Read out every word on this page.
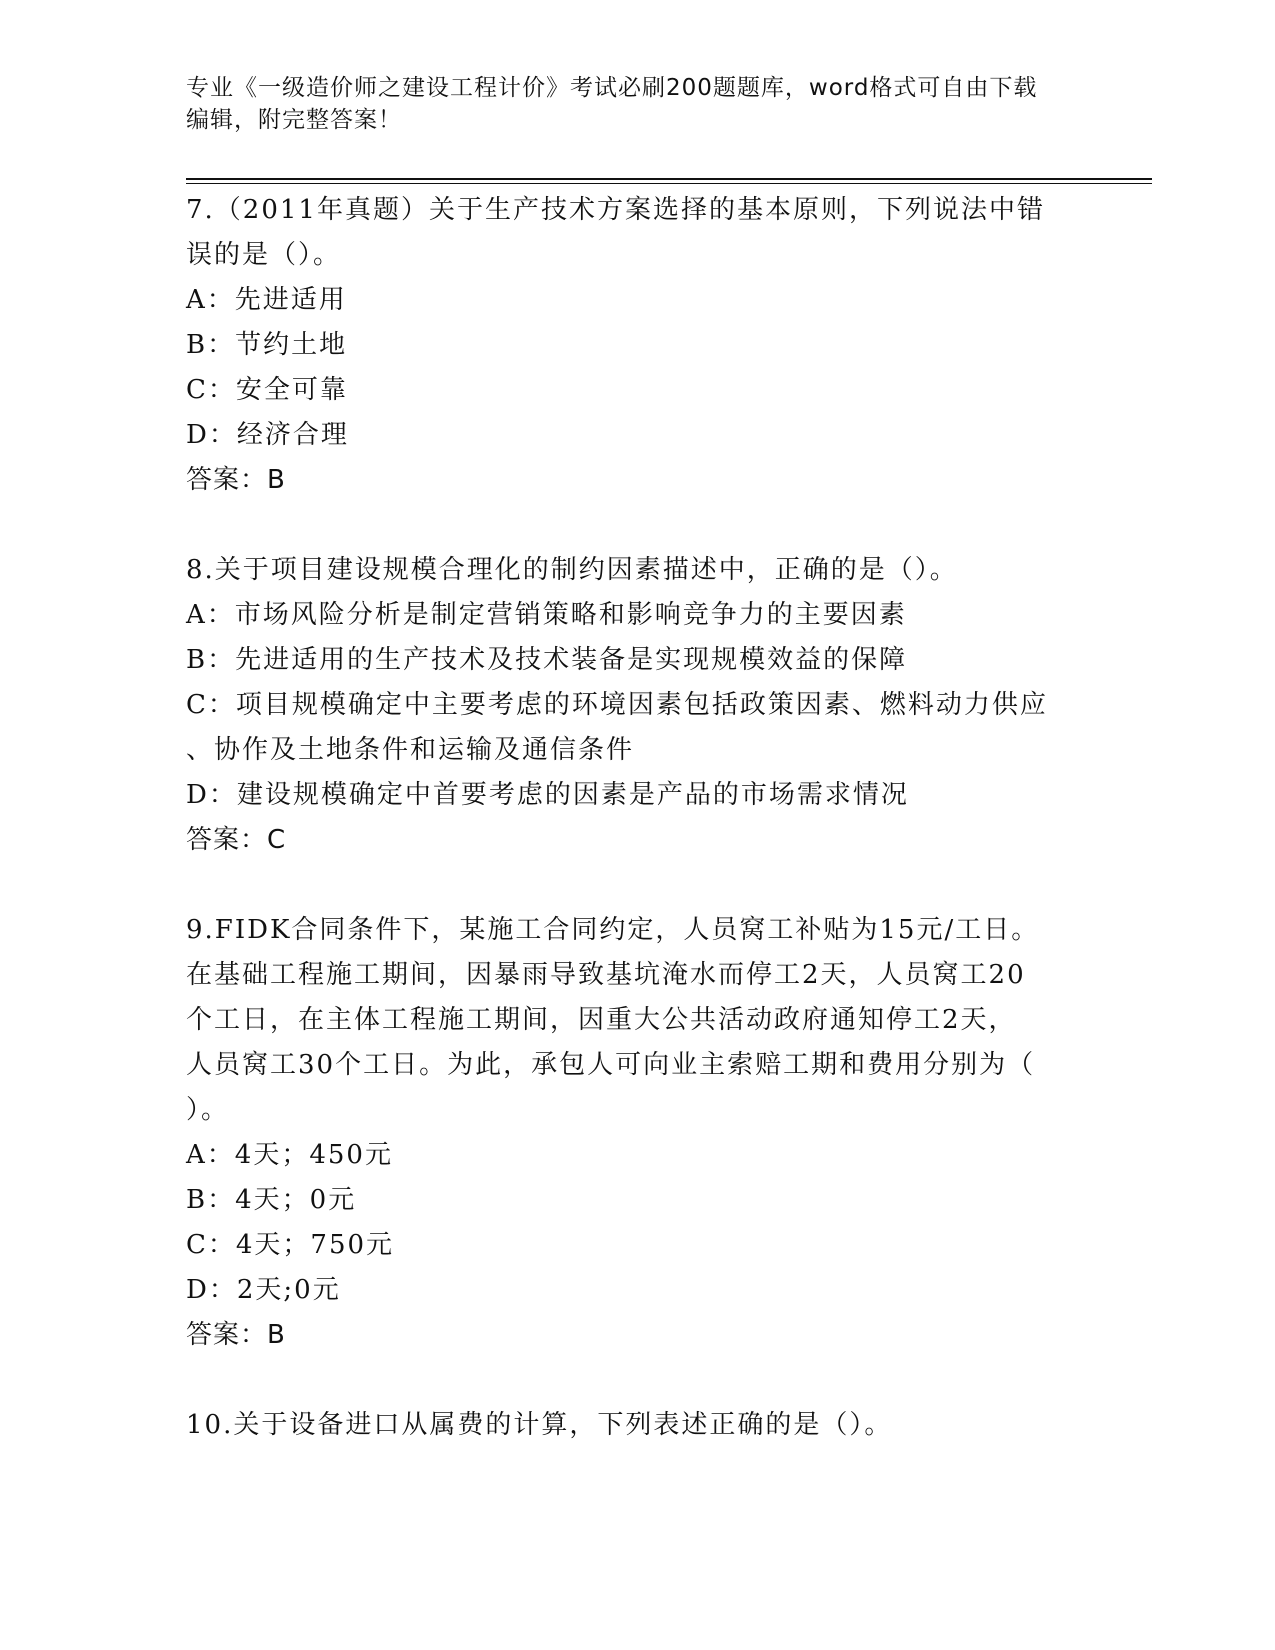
专业《一级造价师之建设工程计价》考试必刷200题题库，word格式可自由下载
编辑，附完整答案！
7.（2011年真题）关于生产技术方案选择的基本原则，下列说法中错
误的是（）。
A：先进适用
B：节约土地
C：安全可靠
D：经济合理
答案：B
8.关于项目建设规模合理化的制约因素描述中，正确的是（）。
A：市场风险分析是制定营销策略和影响竞争力的主要因素
B：先进适用的生产技术及技术装备是实现规模效益的保障
C：项目规模确定中主要考虑的环境因素包括政策因素、燃料动力供应
、协作及土地条件和运输及通信条件
D：建设规模确定中首要考虑的因素是产品的市场需求情况
答案：C
9.FIDK合同条件下，某施工合同约定，人员窝工补贴为15元/工日。
在基础工程施工期间，因暴雨导致基坑淹水而停工2天，人员窝工20
个工日，在主体工程施工期间，因重大公共活动政府通知停工2天，
人员窝工30个工日。为此，承包人可向业主索赔工期和费用分别为（
）。
A：4天；450元
B：4天；0元
C：4天；750元
D：2天;0元
答案：B
10.关于设备进口从属费的计算，下列表述正确的是（）。
